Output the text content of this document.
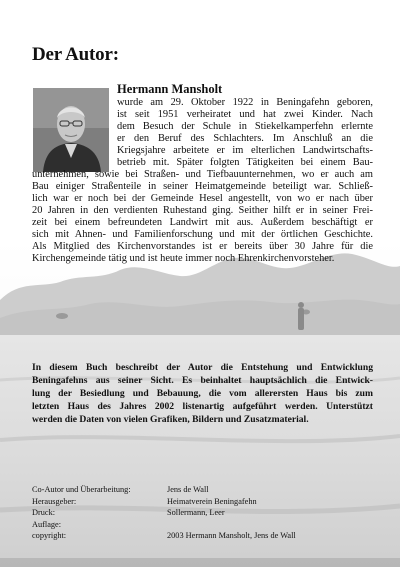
Der Autor:
Hermann Mansholt
wurde am 29. Oktober 1922 in Beningafehn geboren,
ist seit 1951 verheiratet und hat zwei Kinder. Nach
dem Besuch der Schule in Stiekelkamperfehn erlernte
er den Beruf des Schlachters. Im Anschluß an die
Kriegsjahre arbeitete er im elterlichen Landwirtschafts-
betrieb mit. Später folgten Tätigkeiten bei einem Bau-
unternehmen, sowie bei Straßen- und Tiefbauunternehmen, wo er auch am
Bau einiger Straßenteile in seiner Heimatgemeinde beteiligt war. Schließ-
lich war er noch bei der Gemeinde Hesel angestellt, von wo er nach über
20 Jahren in den verdienten Ruhestand ging. Seither hilft er in seiner Frei-
zeit bei einem befreundeten Landwirt mit aus. Außerdem beschäftigt er
sich mit Ahnen- und Familienforschung und mit der örtlichen Geschichte.
Als Mitglied des Kirchenvorstandes ist er bereits über 30 Jahre für die
Kirchengemeinde tätig und ist heute immer noch Ehrenkirchenvorsteher.
In diesem Buch beschreibt der Autor die Entstehung und Entwicklung
Beningafehns aus seiner Sicht. Es beinhaltet hauptsächlich die Entwick-
lung der Besiedlung und Bebauung, die vom allerersten Haus bis zum
letzten Haus des Jahres 2002 listenartig aufgeführt werden. Unterstützt
werden die Daten von vielen Grafiken, Bildern und Zusatzmaterial.
Co-Autor und Überarbeitung:	Jens de Wall
Herausgeber:	Heimatverein Beningafehn
Druck:	Sollermann, Leer
Auflage:
copyright:	2003 Hermann Mansholt, Jens de Wall
